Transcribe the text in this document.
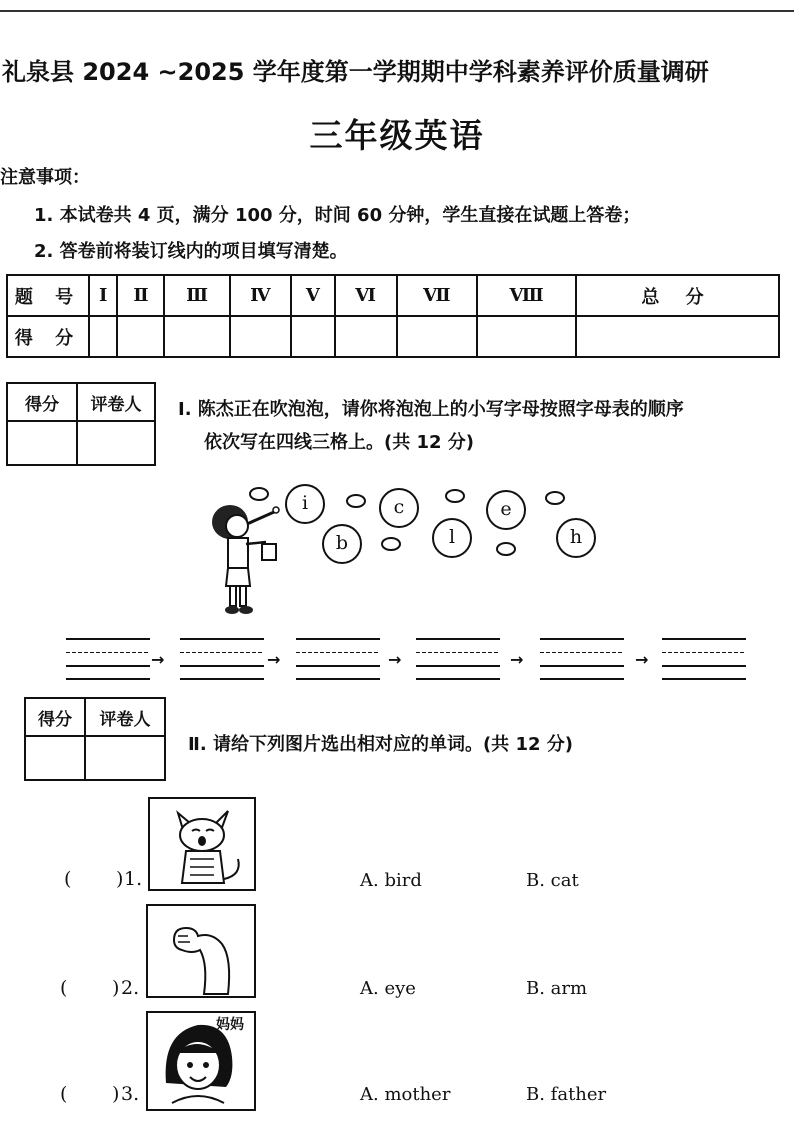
礼泉县 2024 ~2025 学年度第一学期期中学科素养评价质量调研
三年级英语
注意事项：
1. 本试卷共 4 页，满分 100 分，时间 60 分钟，学生直接在试题上答卷；
2. 答卷前将装订线内的项目填写清楚。
题 号	Ⅰ	Ⅱ	Ⅲ	Ⅳ	Ⅴ	Ⅵ	Ⅶ	Ⅷ	总 分
得 分									
得分	评卷人
	Ⅰ. 陈杰正在吹泡泡，请你将泡泡上的小写字母按照字母表的顺序
依次写在四线三格上。(共 12 分)
i	c	e
b	l	h
→	→	→	→	→
得分	评卷人

Ⅱ. 请给下列图片选出相对应的单词。(共 12 分)
( ) 1.	A. bird	B. cat
( ) 2.	A. eye	B. arm
妈妈
( ) 3.	A. mother	B. father
